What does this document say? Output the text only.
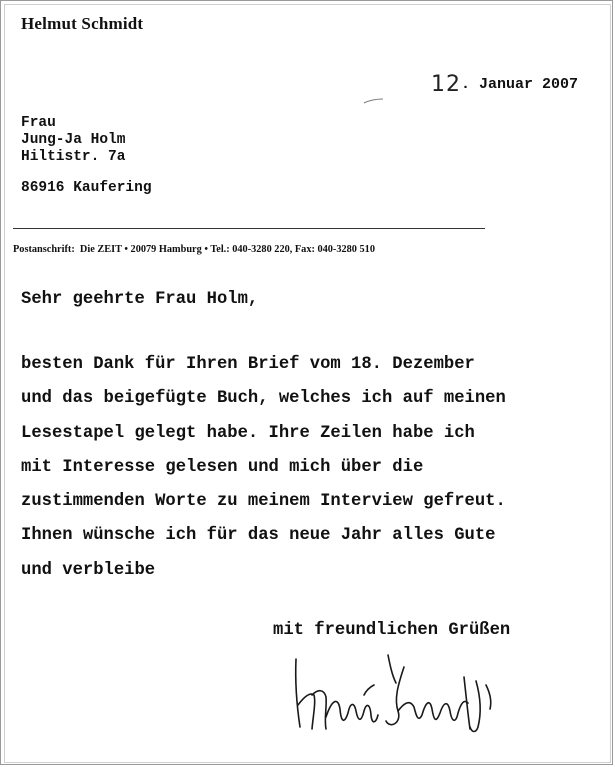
Helmut Schmidt
12. Januar 2007
Frau
Jung-Ja Holm
Hiltistr. 7a
86916 Kaufering
Postanschrift:  Die ZEIT • 20079 Hamburg • Tel.: 040-3280 220, Fax: 040-3280 510
Sehr geehrte Frau Holm,
besten Dank für Ihren Brief vom 18. Dezember
und das beigefügte Buch, welches ich auf meinen
Lesestapel gelegt habe. Ihre Zeilen habe ich
mit Interesse gelesen und mich über die
zustimmenden Worte zu meinem Interview gefreut.
Ihnen wünsche ich für das neue Jahr alles Gute
und verbleibe
mit freundlichen Grüßen
